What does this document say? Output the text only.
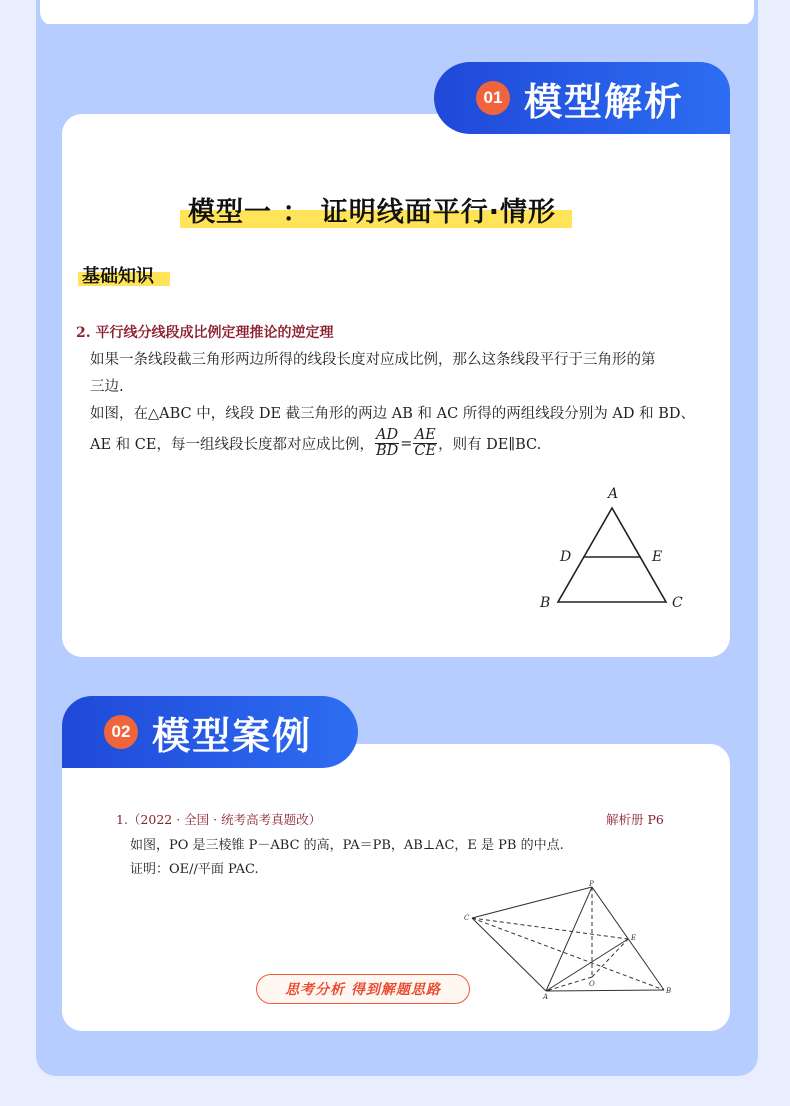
01 模型解析
模型一 ： 证明线面平行·情形
基础知识
2. 平行线分线段成比例定理推论的逆定理
如果一条线段截三角形两边所得的线段长度对应成比例，那么这条线段平行于三角形的第
三边.
如图，在△ABC 中，线段 DE 截三角形的两边 AB 和 AC 所得的两组线段分别为 AD 和 BD、
AE 和 CE，每一组线段长度都对应成比例， $\frac{AD}{BD} = \frac{AE}{CE}$ ，则有 DE∥BC.
A
D	E
B	C
02 模型案例
1.（2022 · 全国 · 统考高考真题改）	解析册 P6
如图，PO 是三棱锥 P－ABC 的高，PA＝PB，AB⊥AC，E 是 PB 的中点.
证明：OE//平面 PAC.
P
C
E
A
O
B
思考分析 得到解题思路
